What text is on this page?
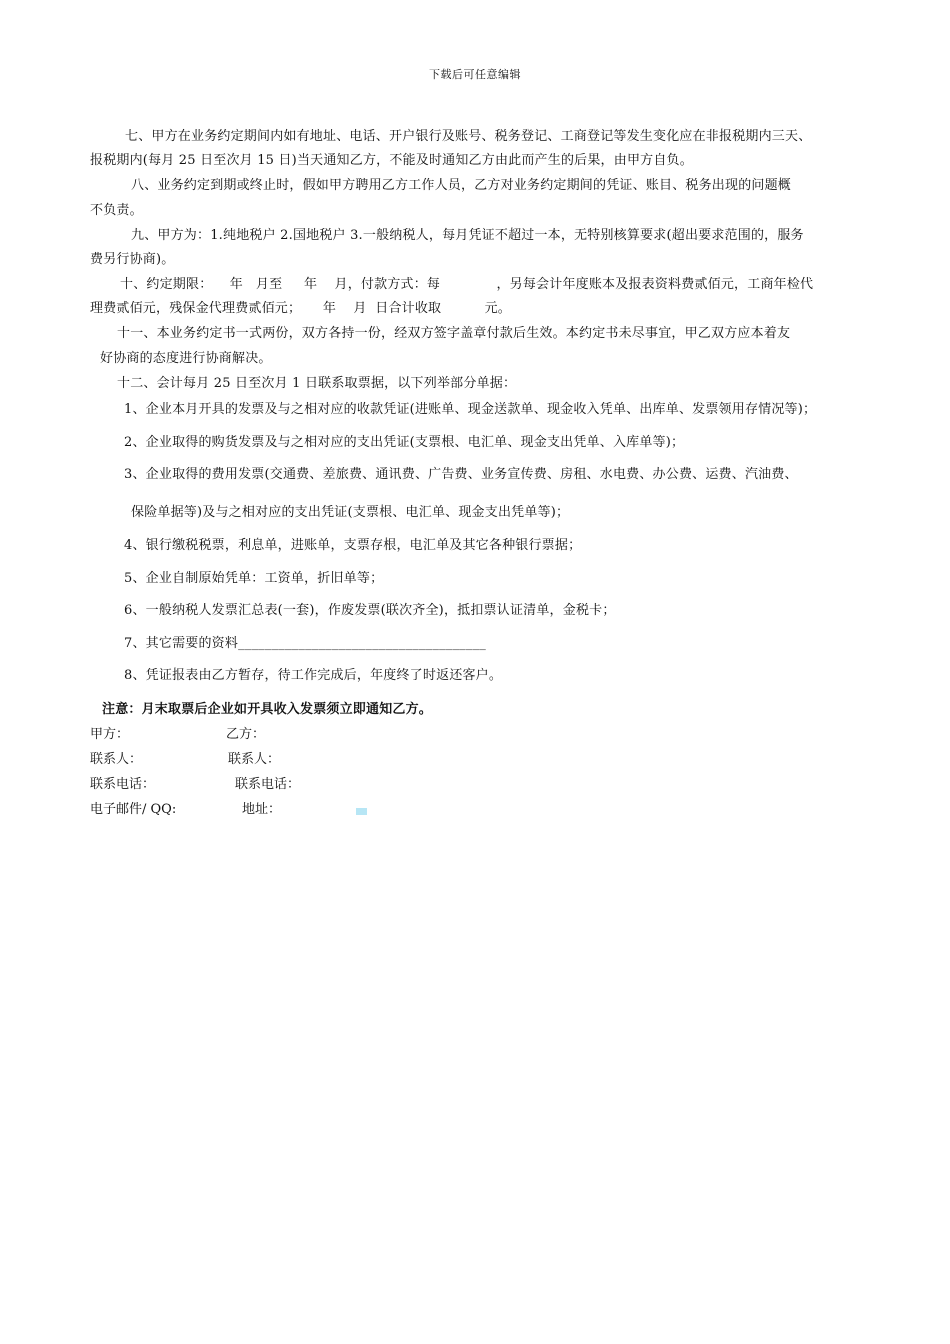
下载后可任意编辑
七、甲方在业务约定期间内如有地址、电话、开户银行及账号、税务登记、工商登记等发生变化应在非报税期内三天、
报税期内(每月 25 日至次月 15 日)当天通知乙方，不能及时通知乙方由此而产生的后果，由甲方自负。
八、业务约定到期或终止时，假如甲方聘用乙方工作人员，乙方对业务约定期间的凭证、账目、税务出现的问题概
不负责。
九、甲方为：1.纯地税户 2.国地税户 3.一般纳税人，每月凭证不超过一本，无特别核算要求(超出要求范围的，服务
费另行协商)。
十、约定期限：    年   月至     年    月，付款方式：每             ，另每会计年度账本及报表资料费贰佰元，工商年检代
理费贰佰元，残保金代理费贰佰元；     年    月  日合计收取          元。
十一、本业务约定书一式两份，双方各持一份，经双方签字盖章付款后生效。本约定书未尽事宜，甲乙双方应本着友
好协商的态度进行协商解决。
十二、会计每月 25 日至次月 1 日联系取票据，以下列举部分单据：
1、企业本月开具的发票及与之相对应的收款凭证(进账单、现金送款单、现金收入凭单、出库单、发票领用存情况等)；
2、企业取得的购货发票及与之相对应的支出凭证(支票根、电汇单、现金支出凭单、入库单等)；
3、企业取得的费用发票(交通费、差旅费、通讯费、广告费、业务宣传费、房租、水电费、办公费、运费、汽油费、
保险单据等)及与之相对应的支出凭证(支票根、电汇单、现金支出凭单等)；
4、银行缴税税票，利息单，进账单，支票存根，电汇单及其它各种银行票据；
5、企业自制原始凭单：工资单，折旧单等；
6、一般纳税人发票汇总表(一套)，作废发票(联次齐全)，抵扣票认证清单，金税卡；
7、其它需要的资料_____________________________________
8、凭证报表由乙方暂存，待工作完成后，年度终了时返还客户。
注意：月末取票后企业如开具收入发票须立即通知乙方。
甲方：	乙方：
联系人：	联系人：
联系电话：	联系电话：
电子邮件/ QQ:	地址：
